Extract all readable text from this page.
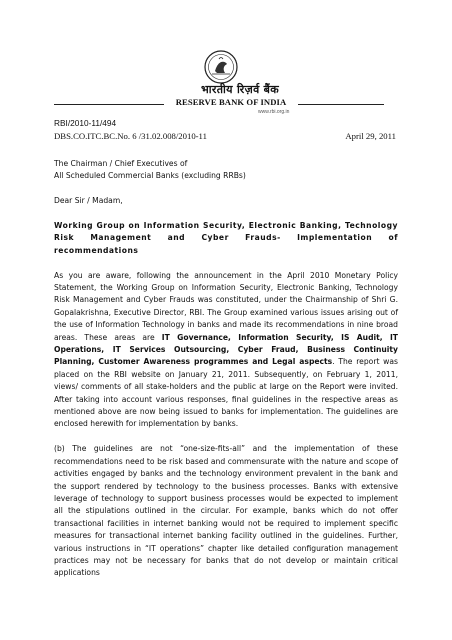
भारतीय रिज़र्व बैंक
RESERVE BANK OF INDIA
www.rbi.org.in
RBI/2010-11/494
DBS.CO.ITC.BC.No. 6 /31.02.008/2010-11	April 29, 2011

The Chairman / Chief Executives of
All Scheduled Commercial Banks (excluding RRBs)

Dear Sir / Madam,

Working Group on Information Security, Electronic Banking, Technology Risk Management and Cyber Frauds- Implementation of recommendations

As you are aware, following the announcement in the April 2010 Monetary Policy Statement, the Working Group on Information Security, Electronic Banking, Technology Risk Management and Cyber Frauds was constituted, under the Chairmanship of Shri G. Gopalakrishna, Executive Director, RBI. The Group examined various issues arising out of the use of Information Technology in banks and made its recommendations in nine broad areas. These areas are IT Governance, Information Security, IS Audit, IT Operations, IT Services Outsourcing, Cyber Fraud, Business Continuity Planning, Customer Awareness programmes and Legal aspects. The report was placed on the RBI website on January 21, 2011. Subsequently, on February 1, 2011, views/ comments of all stake-holders and the public at large on the Report were invited. After taking into account various responses, final guidelines in the respective areas as mentioned above are now being issued to banks for implementation. The guidelines are enclosed herewith for implementation by banks.

(b) The guidelines are not “one-size-fits-all” and the implementation of these recommendations need to be risk based and commensurate with the nature and scope of activities engaged by banks and the technology environment prevalent in the bank and the support rendered by technology to the business processes. Banks with extensive leverage of technology to support business processes would be expected to implement all the stipulations outlined in the circular. For example, banks which do not offer transactional facilities in internet banking would not be required to implement specific measures for transactional internet banking facility outlined in the guidelines. Further, various instructions in “IT operations” chapter like detailed configuration management practices may not be necessary for banks that do not develop or maintain critical applications
